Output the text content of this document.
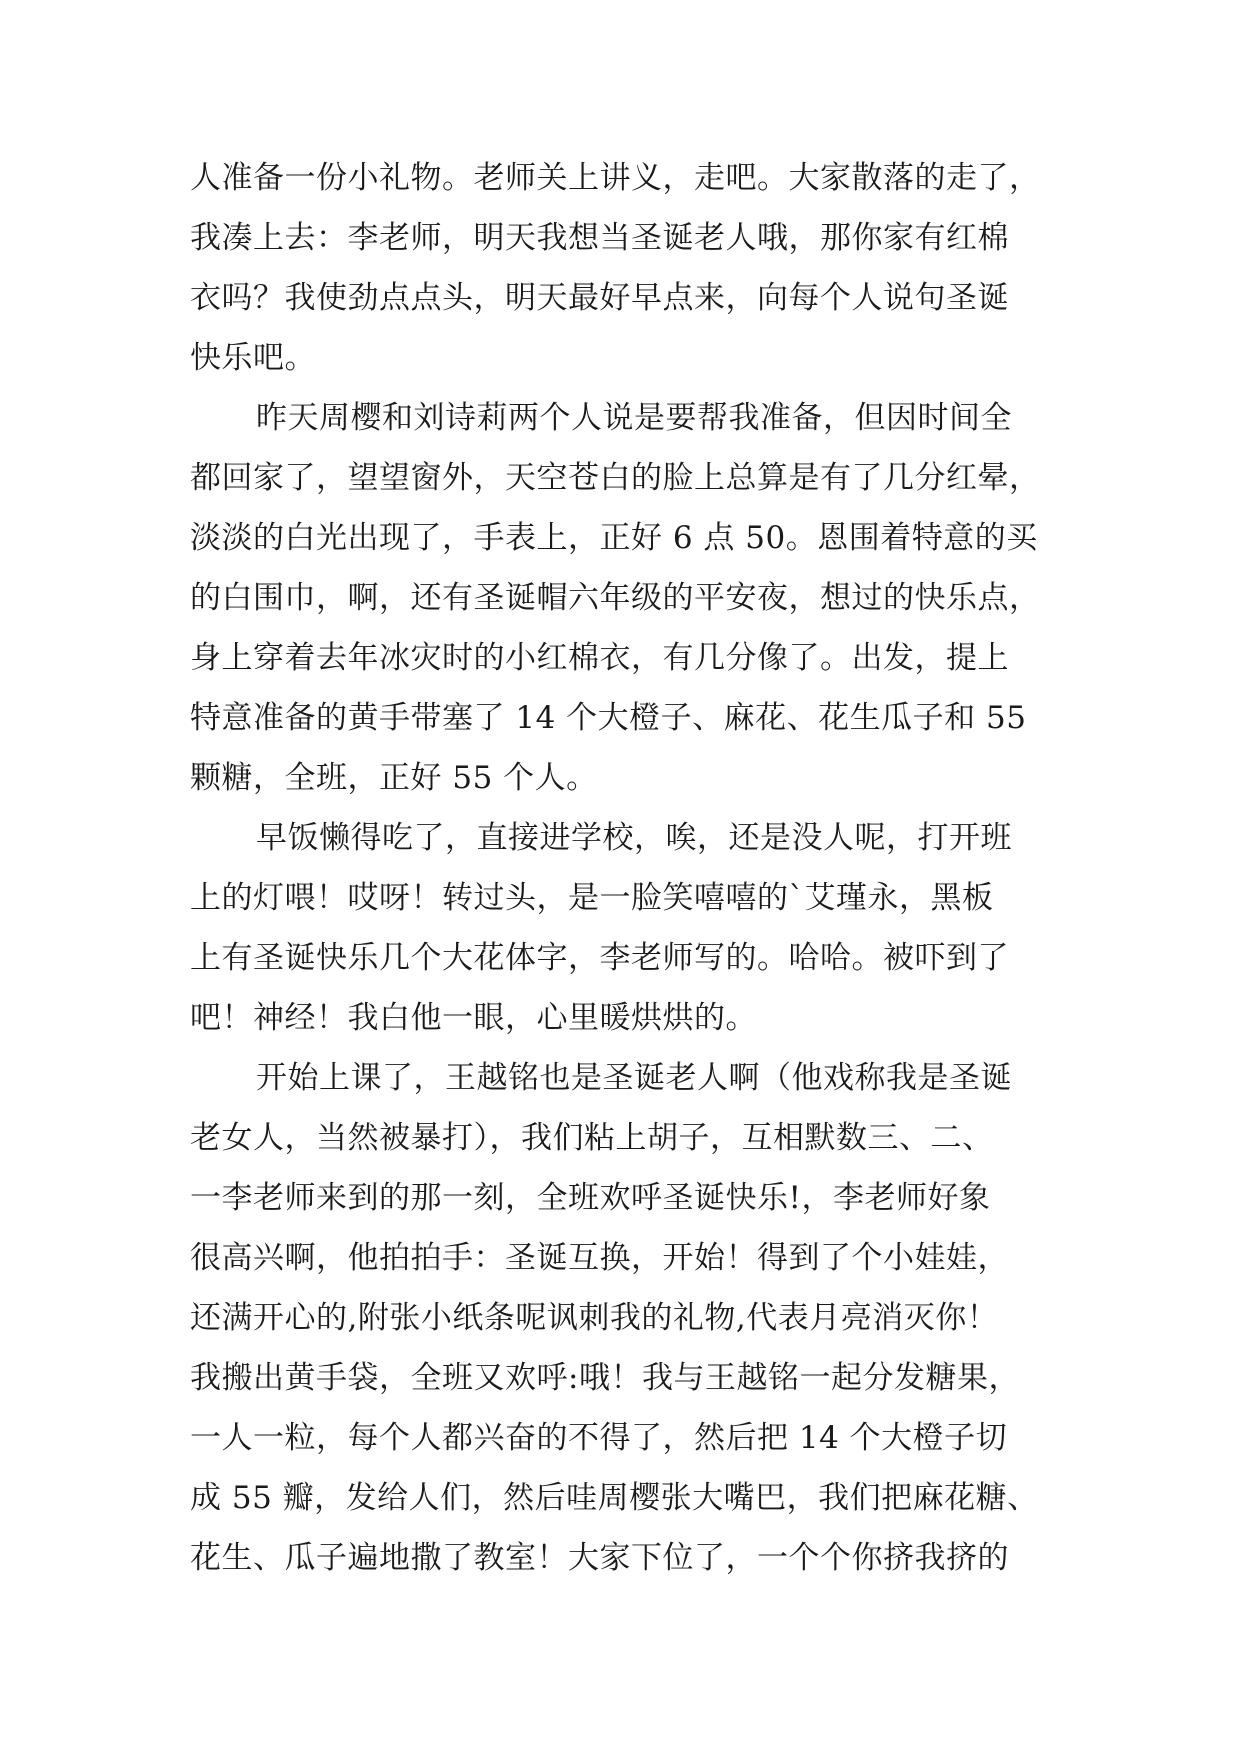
人准备一份小礼物。老师关上讲义，走吧。大家散落的走了，
我凑上去：李老师，明天我想当圣诞老人哦，那你家有红棉
衣吗？我使劲点点头，明天最好早点来，向每个人说句圣诞
快乐吧。
昨天周樱和刘诗莉两个人说是要帮我准备，但因时间全
都回家了，望望窗外，天空苍白的脸上总算是有了几分红晕，
淡淡的白光出现了，手表上，正好 6 点 50。恩围着特意的买
的白围巾，啊，还有圣诞帽六年级的平安夜，想过的快乐点，
身上穿着去年冰灾时的小红棉衣，有几分像了。出发，提上
特意准备的黄手带塞了 14 个大橙子、麻花、花生瓜子和 55
颗糖，全班，正好 55 个人。
早饭懒得吃了，直接进学校，唉，还是没人呢，打开班
上的灯喂！哎呀！转过头，是一脸笑嘻嘻的`艾瑾永，黑板
上有圣诞快乐几个大花体字，李老师写的。哈哈。被吓到了
吧！神经！我白他一眼，心里暖烘烘的。
开始上课了，王越铭也是圣诞老人啊（他戏称我是圣诞
老女人，当然被暴打），我们粘上胡子，互相默数三、二、
一李老师来到的那一刻，全班欢呼圣诞快乐!，李老师好象
很高兴啊，他拍拍手：圣诞互换，开始！得到了个小娃娃，
还满开心的,附张小纸条呢讽刺我的礼物,代表月亮消灭你！
我搬出黄手袋，全班又欢呼:哦！我与王越铭一起分发糖果，
一人一粒，每个人都兴奋的不得了，然后把 14 个大橙子切
成 55 瓣，发给人们，然后哇周樱张大嘴巴，我们把麻花糖、
花生、瓜子遍地撒了教室！大家下位了，一个个你挤我挤的
